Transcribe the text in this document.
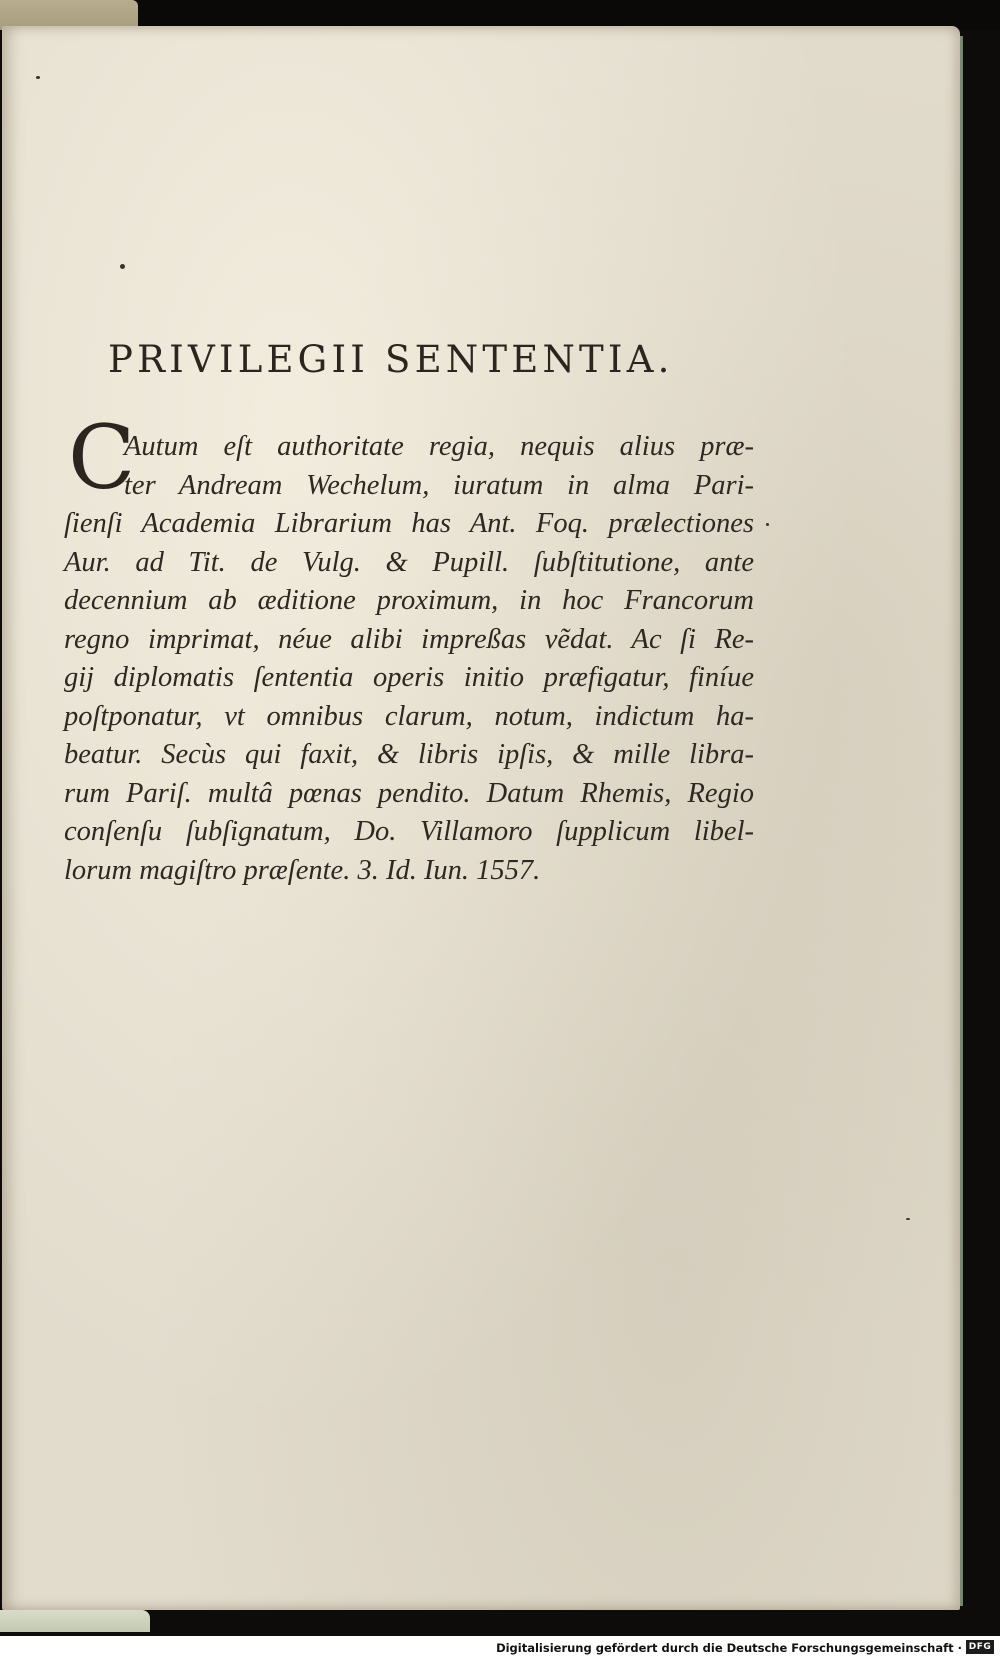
PRIVILEGII SENTENTIA.
C
Autum eſt authoritate regia, nequis alius præ-
ter Andream Wechelum, iuratum in alma Pari-
ſienſi Academia Librarium has Ant. Foq. prælectiones
Aur. ad Tit. de Vulg. & Pupill. ſubſtitutione, ante
decennium ab æditione proximum, in hoc Francorum
regno imprimat, néue alibi impreßas vẽdat. Ac ſi Re-
gij diplomatis ſententia operis initio præfigatur, finíue
poſtponatur, vt omnibus clarum, notum, indictum ha-
beatur. Secùs qui faxit, & libris ipſis, & mille libra-
rum Pariſ. multâ pœnas pendito. Datum Rhemis, Regio
conſenſu ſubſignatum, Do. Villamoro ſupplicum libel-
lorum magiſtro præſente. 3. Id. Iun. 1557.
Digitalisierung gefördert durch die Deutsche Forschungsgemeinschaft · DFG
